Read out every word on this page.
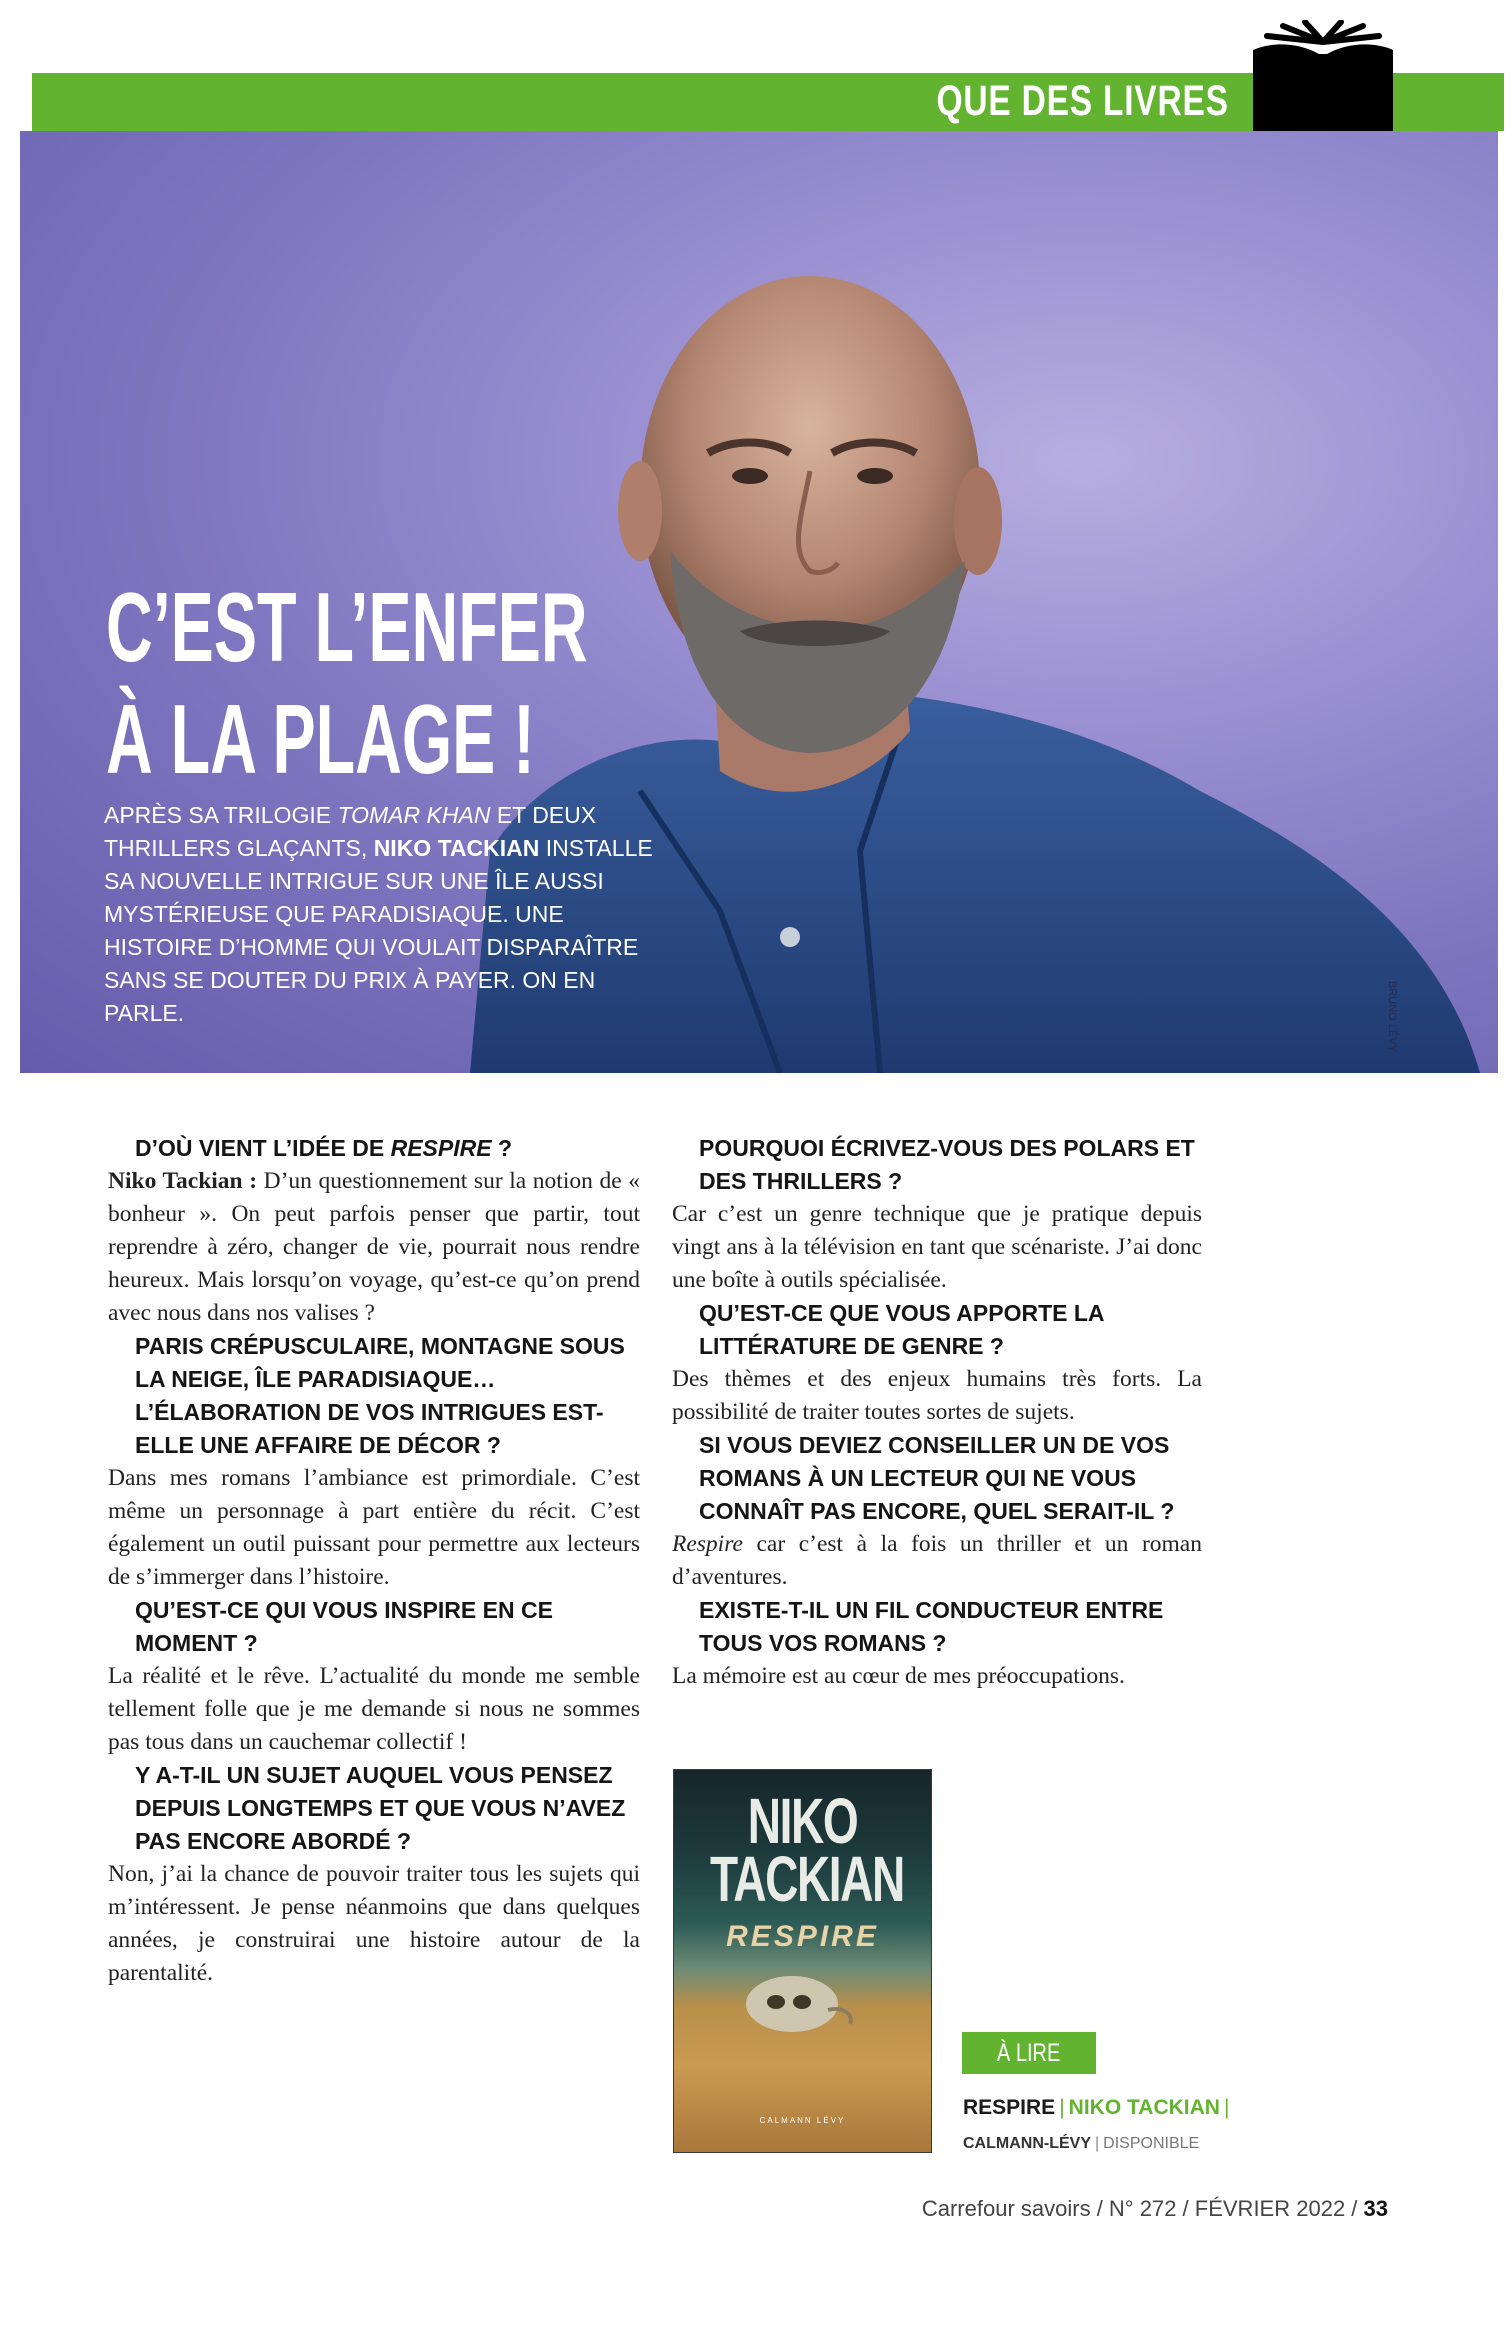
QUE DES LIVRES
C’EST L’ENFER
À LA PLAGE !

APRÈS SA TRILOGIE TOMAR KHAN ET DEUX THRILLERS GLAÇANTS, NIKO TACKIAN INSTALLE SA NOUVELLE INTRIGUE SUR UNE ÎLE AUSSI MYSTÉRIEUSE QUE PARADISIAQUE. UNE HISTOIRE D’HOMME QUI VOULAIT DISPARAÎTRE SANS SE DOUTER DU PRIX À PAYER. ON EN PARLE.	BRUNO LÉVY

D’OÙ VIENT L’IDÉE DE RESPIRE ?

Niko Tackian : D’un questionnement sur la notion de « bonheur ». On peut parfois penser que partir, tout reprendre à zéro, changer de vie, pourrait nous rendre heureux. Mais lorsqu’on voyage, qu’est-ce qu’on prend avec nous dans nos valises ?

PARIS CRÉPUSCULAIRE, MONTAGNE SOUS LA NEIGE, ÎLE PARADISIAQUE… L’ÉLABORATION DE VOS INTRIGUES EST-ELLE UNE AFFAIRE DE DÉCOR ?

Dans mes romans l’ambiance est primordiale. C’est même un personnage à part entière du récit. C’est également un outil puissant pour permettre aux lecteurs de s’immerger dans l’histoire.

QU’EST-CE QUI VOUS INSPIRE EN CE MOMENT ?

La réalité et le rêve. L’actualité du monde me semble tellement folle que je me demande si nous ne sommes pas tous dans un cauchemar collectif !

Y A-T-IL UN SUJET AUQUEL VOUS PENSEZ DEPUIS LONGTEMPS ET QUE VOUS N’AVEZ PAS ENCORE ABORDÉ ?

Non, j’ai la chance de pouvoir traiter tous les sujets qui m’intéressent. Je pense néanmoins que dans quelques années, je construirai une histoire autour de la parentalité.

POURQUOI ÉCRIVEZ-VOUS DES POLARS ET DES THRILLERS ?

Car c’est un genre technique que je pratique depuis vingt ans à la télévision en tant que scénariste. J’ai donc une boîte à outils spécialisée.

QU’EST-CE QUE VOUS APPORTE LA LITTÉRATURE DE GENRE ?

Des thèmes et des enjeux humains très forts. La possibilité de traiter toutes sortes de sujets.

SI VOUS DEVIEZ CONSEILLER UN DE VOS ROMANS À UN LECTEUR QUI NE VOUS CONNAÎT PAS ENCORE, QUEL SERAIT-IL ?

Respire car c’est à la fois un thriller et un roman d’aventures.

EXISTE-T-IL UN FIL CONDUCTEUR ENTRE TOUS VOS ROMANS ?

La mémoire est au cœur de mes préoccupations.

NIKO
TACKIAN
RESPIRE
CALMANN LÉVY
À LIRE
RESPIRE | NIKO TACKIAN |
CALMANN-LÉVY | DISPONIBLE
Carrefour savoirs / N° 272 / FÉVRIER 2022 / 33
